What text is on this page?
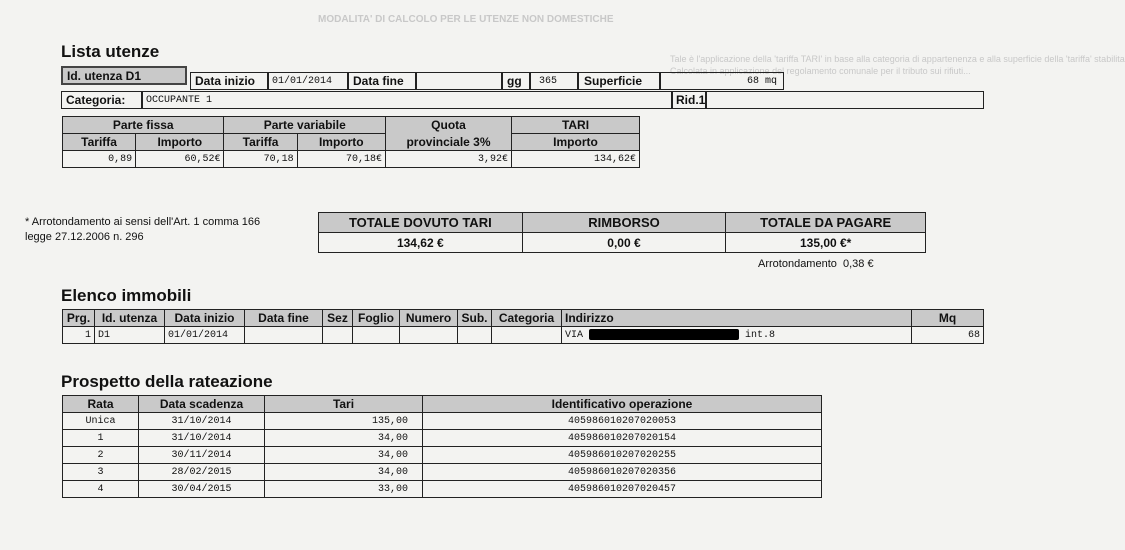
MODALITA' DI CALCOLO PER LE UTENZE NON DOMESTICHE
Tale è l'applicazione della 'tariffa TARI' in base alla categoria di appartenenza e alla superficie della 'tariffa' stabilita
Calcolata in applicazione del regolamento comunale per il tributo sui rifiuti...
Lista utenze
Id. utenza D1	Data inizio	01/01/2014	Data fine	gg	365	Superficie	68 mq
Categoria:	OCCUPANTE 1	Rid.1
Parte fissa		Parte variabile		Quota	TARI
Tariffa	Importo	Tariffa	Importo	provinciale 3%	Importo
0,89	60,52€	70,18	70,18€	3,92€	134,62€
* Arrotondamento ai sensi dell'Art. 1 comma 166
legge 27.12.2006 n. 296
TOTALE DOVUTO TARI	RIMBORSO	TOTALE DA PAGARE
134,62 €	0,00 €	135,00 €*
Arrotondamento  0,38 €
Elenco immobili
Prg.	Id. utenza	Data inizio	Data fine	Sez	Foglio	Numero	Sub.	Categoria	Indirizzo	Mq
1	D1	01/01/2014							VIA int.8	68
Prospetto della rateazione
Rata	Data scadenza	Tari	Identificativo operazione
Unica	31/10/2014	135,00	405986010207020053
1	31/10/2014	34,00	405986010207020154
2	30/11/2014	34,00	405986010207020255
3	28/02/2015	34,00	405986010207020356
4	30/04/2015	33,00	405986010207020457
